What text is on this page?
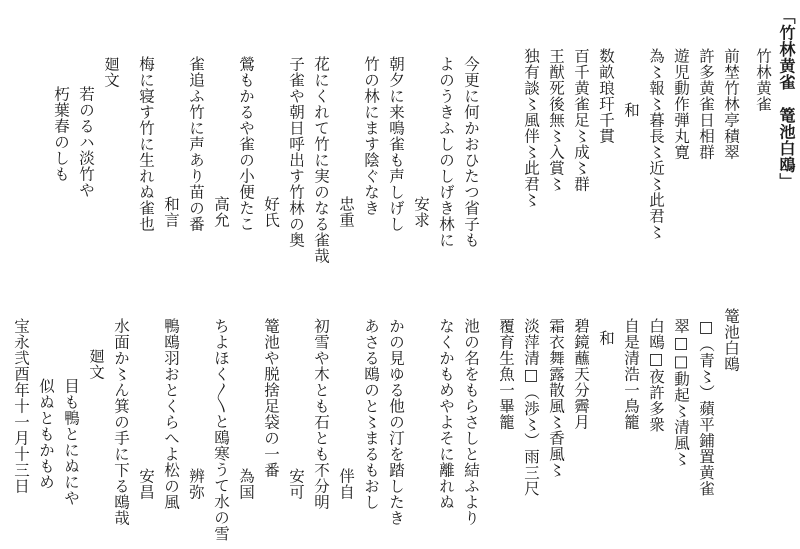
「竹林黄雀　篭池白鴎」
竹林黄雀
前埜竹林亭積翠
許多黄雀日相群
遊児動作弾丸寛
為〻報〻暮長〻近〻此君〻
和
数畝琅玕千貫
百千黄雀足〻成〻群
王猷死後無〻入賞〻
独有談〻風伴〻此君〻
今更に何かおひたつ省子も
よのうきふしのしげき林に
安求
朝夕に来鳴雀も声しげし
竹の林にます陰ぐなき
忠重
花にくれて竹に実のなる雀哉
子雀や朝日呼出す竹林の奥
好氏
鶯もかるや雀の小便たこ
高允
雀追ふ竹に声あり苗の番
和言
梅に寝す竹に生れぬ雀也
廻文
若のるハ淡竹や
朽葉春のしも
篭池白鴎
□（青〻）蘋平鋪置黄雀
翠□□動起〻清風〻
白鴎□夜許多衆
自是清浩一鳥籠
和
碧鏡蘸天分霽月
霜衣舞露散風〻香風〻
淡萍清□（渉〻）雨三尺
覆育生魚一畢籠
池の名をもらさしと結ふより
なくかもめやよそに離れぬ
かの見ゆる他の汀を踏したき
あさる鴎のと〻まるもおし
伴自
初雪や木とも石とも不分明
安可
篭池や脱捨足袋の一番
為国
ちよほく〳〵と鴎寒うて水の雪
辨弥
鴨鴎羽おとくらへよ松の風
安昌
水面か〻ん箕の手に下る鴎哉
廻文
目も鴨とにぬにや
似ぬともかもめ
宝永弐酉年十一月十三日
